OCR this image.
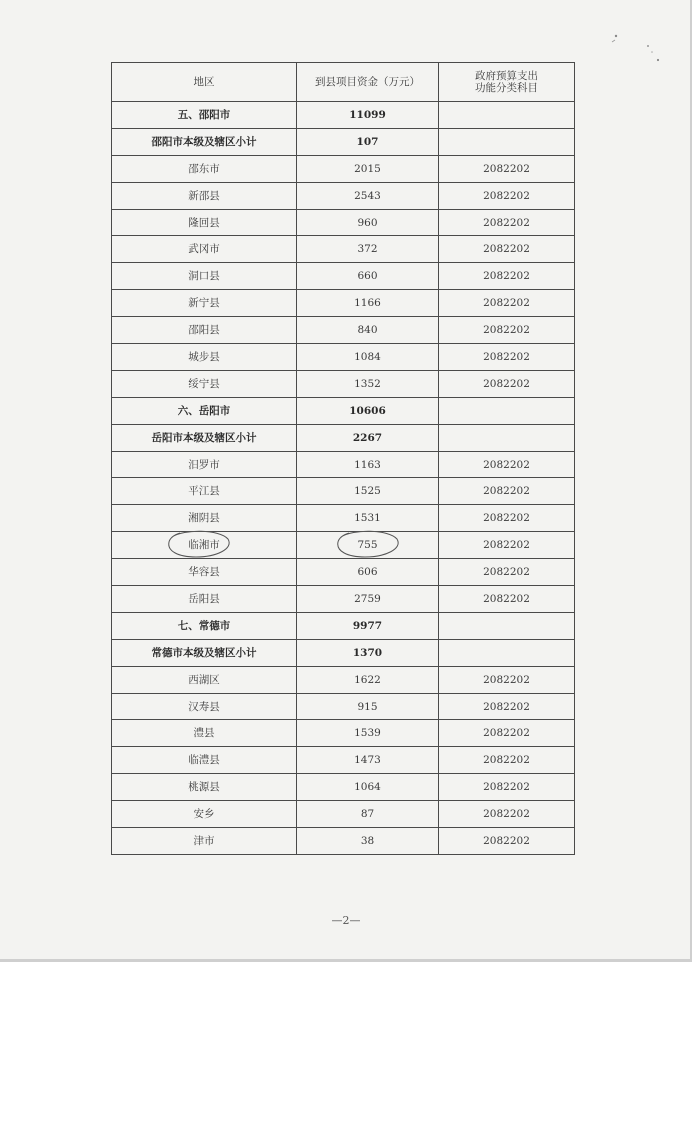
地区	到县项目资金（万元）	政府预算支出
功能分类科目
五、邵阳市	11099	
邵阳市本级及辖区小计	107	
邵东市	2015	2082202
新邵县	2543	2082202
隆回县	960	2082202
武冈市	372	2082202
洞口县	660	2082202
新宁县	1166	2082202
邵阳县	840	2082202
城步县	1084	2082202
绥宁县	1352	2082202
六、岳阳市	10606	
岳阳市本级及辖区小计	2267	
汨罗市	1163	2082202
平江县	1525	2082202
湘阴县	1531	2082202
临湘市	755	2082202
华容县	606	2082202
岳阳县	2759	2082202
七、常德市	9977	
常德市本级及辖区小计	1370	
西湖区	1622	2082202
汉寿县	915	2082202
澧县	1539	2082202
临澧县	1473	2082202
桃源县	1064	2082202
安乡	87	2082202
津市	38	2082202
—2—
